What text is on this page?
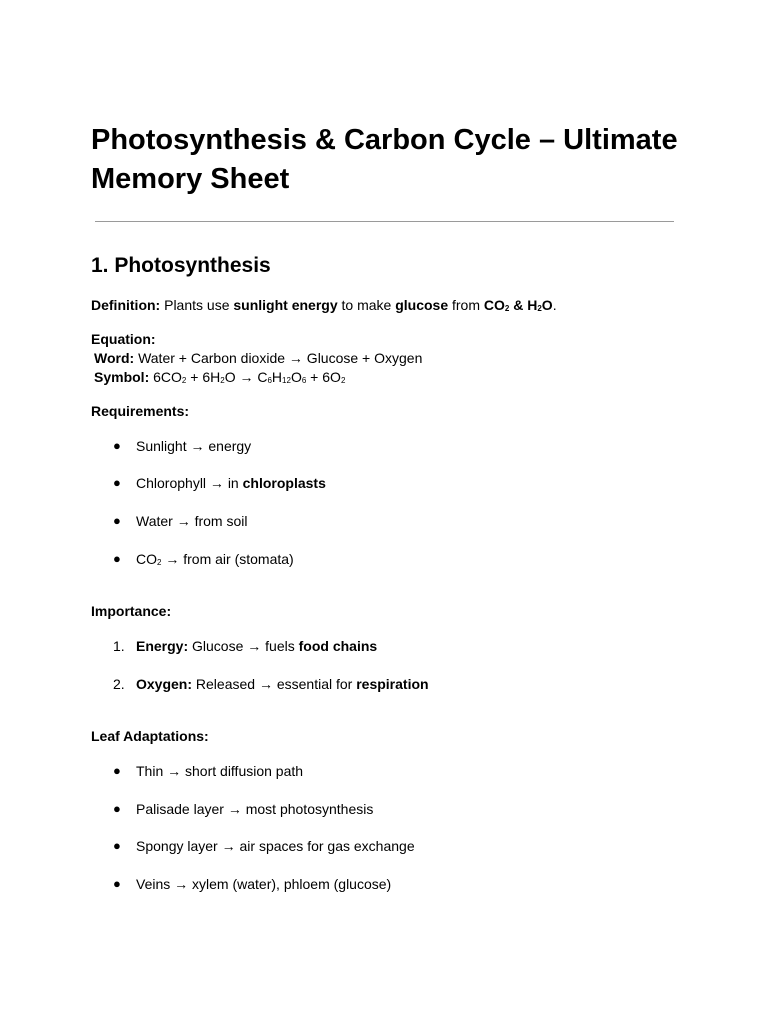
Photosynthesis & Carbon Cycle – Ultimate Memory Sheet
1. Photosynthesis

Definition: Plants use sunlight energy to make glucose from CO2 & H2O.

Equation:

Word: Water + Carbon dioxide → Glucose + Oxygen

Symbol: 6CO2 + 6H2O → C6H12O6 + 6O2

Requirements:

● Sunlight → energy
● Chlorophyll → in chloroplasts
● Water → from soil
● CO2 → from air (stomata)

Importance:

1. Energy: Glucose → fuels food chains
2. Oxygen: Released → essential for respiration

Leaf Adaptations:

● Thin → short diffusion path
● Palisade layer → most photosynthesis
● Spongy layer → air spaces for gas exchange
● Veins → xylem (water), phloem (glucose)
